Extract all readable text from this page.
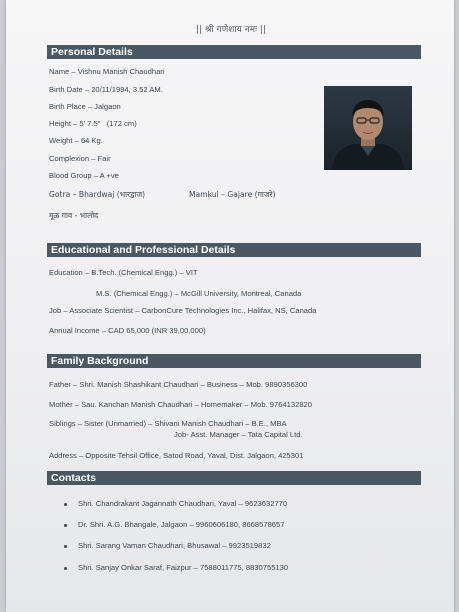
|| श्री गणेशाय नमः ||
Personal Details
Name – Vishnu Manish Chaudhari
Birth Date – 20/11/1994, 3.52 AM.
Birth Place – Jalgaon
Height – 5' 7.5"   (172 cm)
Weight – 64 Kg.
Complexion – Fair
Blood Group – A +ve
Gotra – Bhardwaj (भारद्वाज)	Mamkul – Gajare (गाजरे)
मूळ गाव - भालोद
Educational and Professional Details
Education – B.Tech. (Chemical Engg.) – VIT
M.S. (Chemical Engg.) – McGill University, Montreal, Canada
Job – Associate Scientist – CarbonCure Technologies Inc., Halifax, NS, Canada
Annual Income – CAD 65,000 (INR 39,00,000)
Family Background
Father – Shri. Manish Shashikant Chaudhari – Business – Mob. 9890356300
Mother – Sau. Kanchan Manish Chaudhari – Homemaker – Mob. 9764132820
Siblings – Sister (Unmarried) – Shivani Manish Chaudhari – B.E., MBA
Job- Asst. Manager – Tata Capital Ltd.
Address – Opposite Tehsil Office, Satod Road, Yaval, Dist. Jalgaon, 425301
Contacts
Shri. Chandrakant Jagannath Chaudhari, Yaval – 9623632770
Dr. Shri. A.G. Bhangale, Jalgaon – 9960606180, 8668578657
Shri. Sarang Vaman Chaudhari, Bhusawal – 9923519832
Shri. Sanjay Onkar Saraf, Faizpur – 7588011775, 8830755130
